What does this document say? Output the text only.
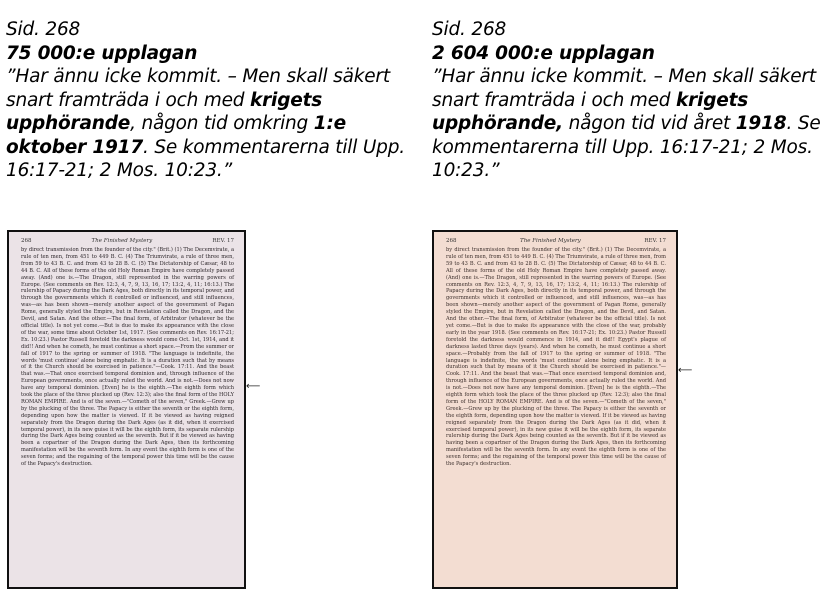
Sid. 268

75 000:e upplagan

”Har ännu icke kommit. – Men skall säkert snart framträda i och med krigets upphörande, någon tid omkring 1:e oktober 1917. Se kommentarerna till Upp. 16:17-21; 2 Mos. 10:23.”

268	The Finished Mystery	REV. 17
by direct transmission from the founder of the city." (Brit.) (1) The Decemvirate, a rule of ten men, from 451 to 449 B. C. (4) The Triumvirate, a rule of three men, from 59 to 43 B. C. and from 43 to 28 B. C. (5) The Dictatorship of Cæsar, 48 to 44 B. C. All of these forms of the old Holy Roman Empire have completely passed away. (And) one is.—The Dragon, still represented in the warring powers of Europe. (See comments on Rev. 12:3, 4, 7, 9, 13, 16, 17; 13:2, 4, 11; 16:13.) The rulership of Papacy during the Dark Ages, both directly in its temporal power, and through the governments which it controlled or influenced, and still influences, was—as has been shown—merely another aspect of the government of Pagan Rome, generally styled the Empire, but in Revelation called the Dragon, and the Devil, and Satan. And the other.—The final form, of Arbitrator (whatever be the official title). Is not yet come.—But is due to make its appearance with the close of the war, some time about October 1st, 1917. (See comments on Rev. 16:17-21; Ex. 10:23.) Pastor Russell foretold the darkness would come Oct. 1st, 1914, and it did!! And when he cometh, he must continue a short space.—From the summer or fall of 1917 to the spring or summer of 1918. "The language is indefinite, the words 'must continue' alone being emphatic. It is a duration such that by means of it the Church should be exercised in patience."—Cook. 17:11. And the beast that was.—That once exercised temporal dominion and, through influence of the European governments, once actually ruled the world. And is not.—Does not now have any temporal dominion. [Even] he is the eighth.—The eighth form which took the place of the three plucked up (Rev. 12:3); also the final form of the HOLY ROMAN EMPIRE. And is of the seven.—"Cometh of the seven," Greek.—Grew up by the plucking of the three. The Papacy is either the seventh or the eighth form, depending upon how the matter is viewed. If it be viewed as having reigned separately from the Dragon during the Dark Ages (as it did, when it exercised temporal power), in its new guise it will be the eighth form, its separate rulership during the Dark Ages being counted as the seventh. But if it be viewed as having been a copartner of the Dragon during the Dark Ages, then its forthcoming manifestation will be the seventh form. In any event the eighth form is one of the seven forms; and the regaining of the temporal power this time will be the cause of the Papacy's destruction.
⟵

Sid. 268

2 604 000:e upplagan

”Har ännu icke kommit. – Men skall säkert snart framträda i och med krigets upphörande, någon tid vid året 1918. Se kommentarerna till Upp. 16:17-21; 2 Mos. 10:23.”

268	The Finished Mystery	REV. 17
by direct transmission from the founder of the city." (Brit.) (1) The Decemvirate, a rule of ten men, from 451 to 449 B. C. (4) The Triumvirate, a rule of three men, from 59 to 43 B. C. and from 43 to 28 B. C. (5) The Dictatorship of Cæsar, 48 to 44 B. C. All of these forms of the old Holy Roman Empire have completely passed away. (And) one is.—The Dragon, still represented in the warring powers of Europe. (See comments on Rev. 12:3, 4, 7, 9, 13, 16, 17; 13:2, 4, 11; 16:13.) The rulership of Papacy during the Dark Ages, both directly in its temporal power, and through the governments which it controlled or influenced, and still influences, was—as has been shown—merely another aspect of the government of Pagan Rome, generally styled the Empire, but in Revelation called the Dragon, and the Devil, and Satan. And the other.—The final form, of Arbitrator (whatever be the official title). Is not yet come.—But is due to make its appearance with the close of the war, probably early in the year 1918. (See comments on Rev. 16:17-21; Ex. 10:23.) Pastor Russell foretold the darkness would commence in 1914, and it did!! Egypt's plague of darkness lasted three days (years). And when he cometh, he must continue a short space.—Probably from the fall of 1917 to the spring or summer of 1918. "The language is indefinite, the words 'must continue' alone being emphatic. It is a duration such that by means of it the Church should be exercised in patience."—Cook. 17:11. And the beast that was.—That once exercised temporal dominion and, through influence of the European governments, once actually ruled the world. And is not.—Does not now have any temporal dominion. [Even] he is the eighth.—The eighth form which took the place of the three plucked up (Rev. 12:3); also the final form of the HOLY ROMAN EMPIRE. And is of the seven.—"Cometh of the seven," Greek.—Grew up by the plucking of the three. The Papacy is either the seventh or the eighth form, depending upon how the matter is viewed. If it be viewed as having reigned separately from the Dragon during the Dark Ages (as it did, when it exercised temporal power), in its new guise it will be the eighth form, its separate rulership during the Dark Ages being counted as the seventh. But if it be viewed as having been a copartner of the Dragon during the Dark Ages, then its forthcoming manifestation will be the seventh form. In any event the eighth form is one of the seven forms; and the regaining of the temporal power this time will be the cause of the Papacy's destruction.
⟵
